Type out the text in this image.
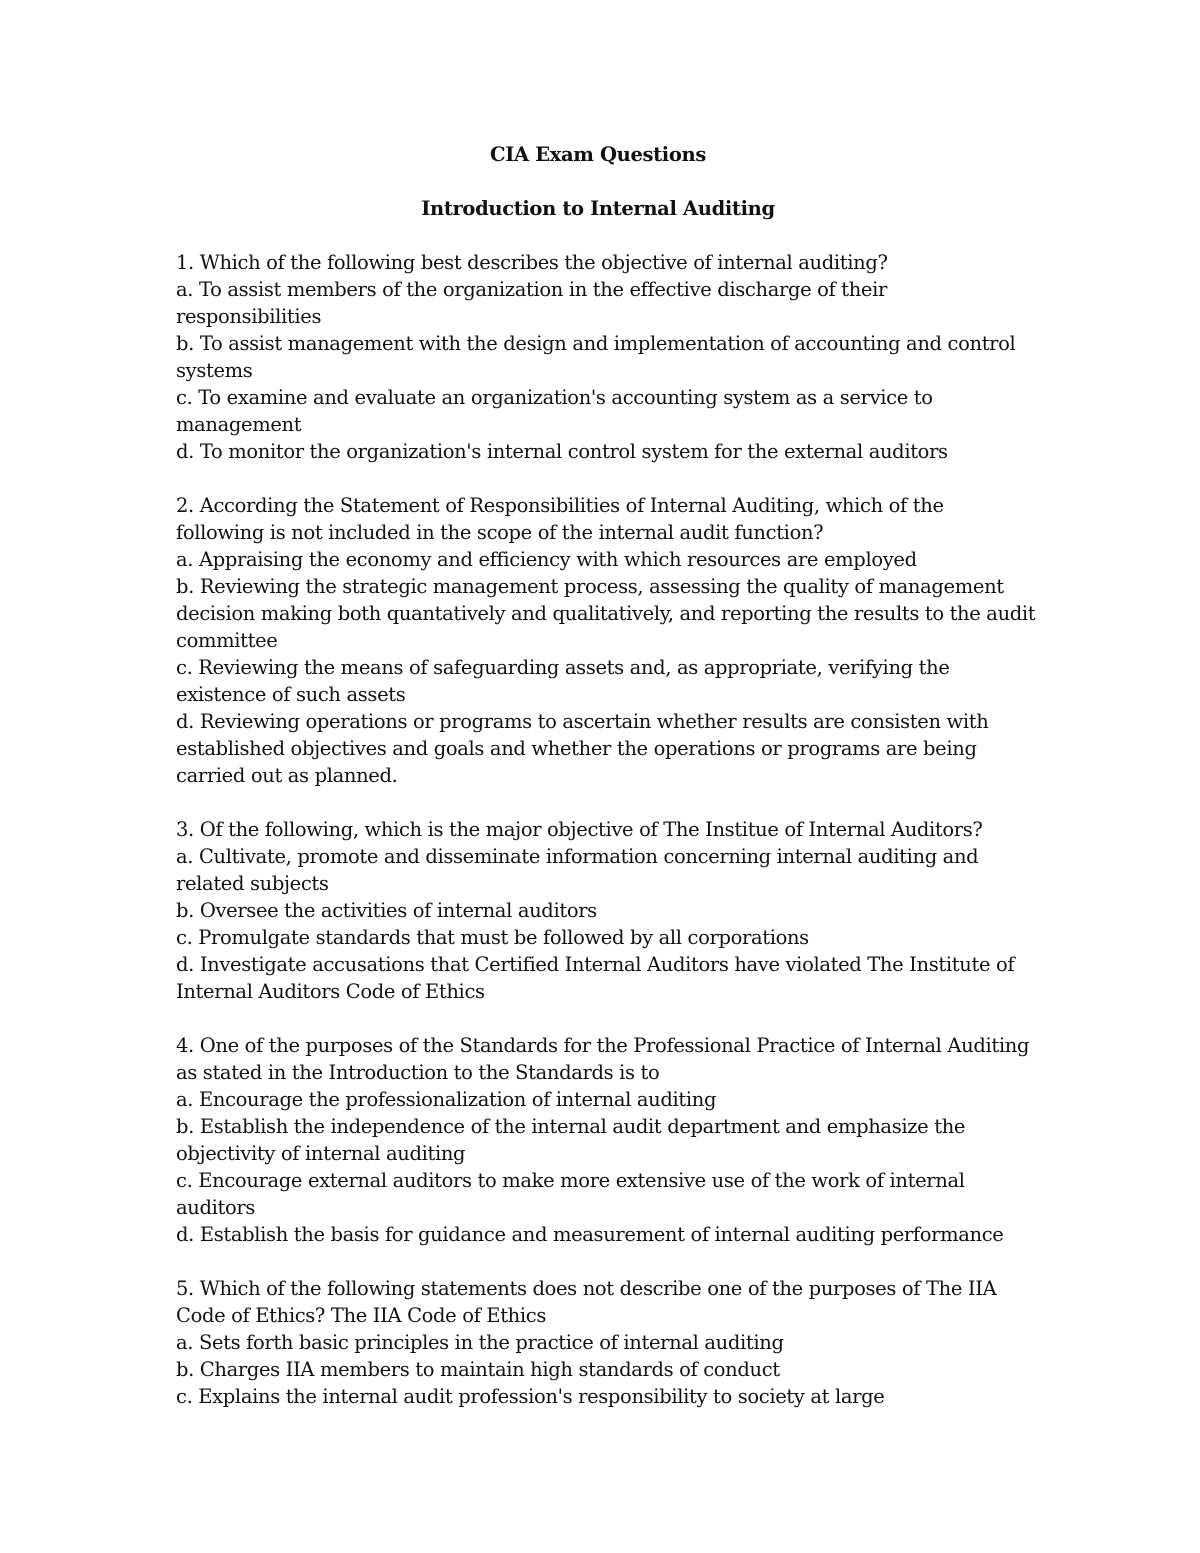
CIA Exam Questions

Introduction to Internal Auditing

1. Which of the following best describes the objective of internal auditing?
a. To assist members of the organization in the effective discharge of their responsibilities
b. To assist management with the design and implementation of accounting and control systems
c. To examine and evaluate an organization's accounting system as a service to management
d. To monitor the organization's internal control system for the external auditors
2. According the Statement of Responsibilities of Internal Auditing, which of the following is not included in the scope of the internal audit function?
a. Appraising the economy and efficiency with which resources are employed
b. Reviewing the strategic management process, assessing the quality of management decision making both quantatively and qualitatively, and reporting the results to the audit committee
c. Reviewing the means of safeguarding assets and, as appropriate, verifying the existence of such assets
d. Reviewing operations or programs to ascertain whether results are consisten with established objectives and goals and whether the operations or programs are being carried out as planned.
3. Of the following, which is the major objective of The Institue of Internal Auditors?
a. Cultivate, promote and disseminate information concerning internal auditing and related subjects
b. Oversee the activities of internal auditors
c. Promulgate standards that must be followed by all corporations
d. Investigate accusations that Certified Internal Auditors have violated The Institute of Internal Auditors Code of Ethics
4. One of the purposes of the Standards for the Professional Practice of Internal Auditing as stated in the Introduction to the Standards is to
a. Encourage the professionalization of internal auditing
b. Establish the independence of the internal audit department and emphasize the objectivity of internal auditing
c. Encourage external auditors to make more extensive use of the work of internal auditors
d. Establish the basis for guidance and measurement of internal auditing performance
5. Which of the following statements does not describe one of the purposes of The IIA Code of Ethics? The IIA Code of Ethics
a. Sets forth basic principles in the practice of internal auditing
b. Charges IIA members to maintain high standards of conduct
c. Explains the internal audit profession's responsibility to society at large
